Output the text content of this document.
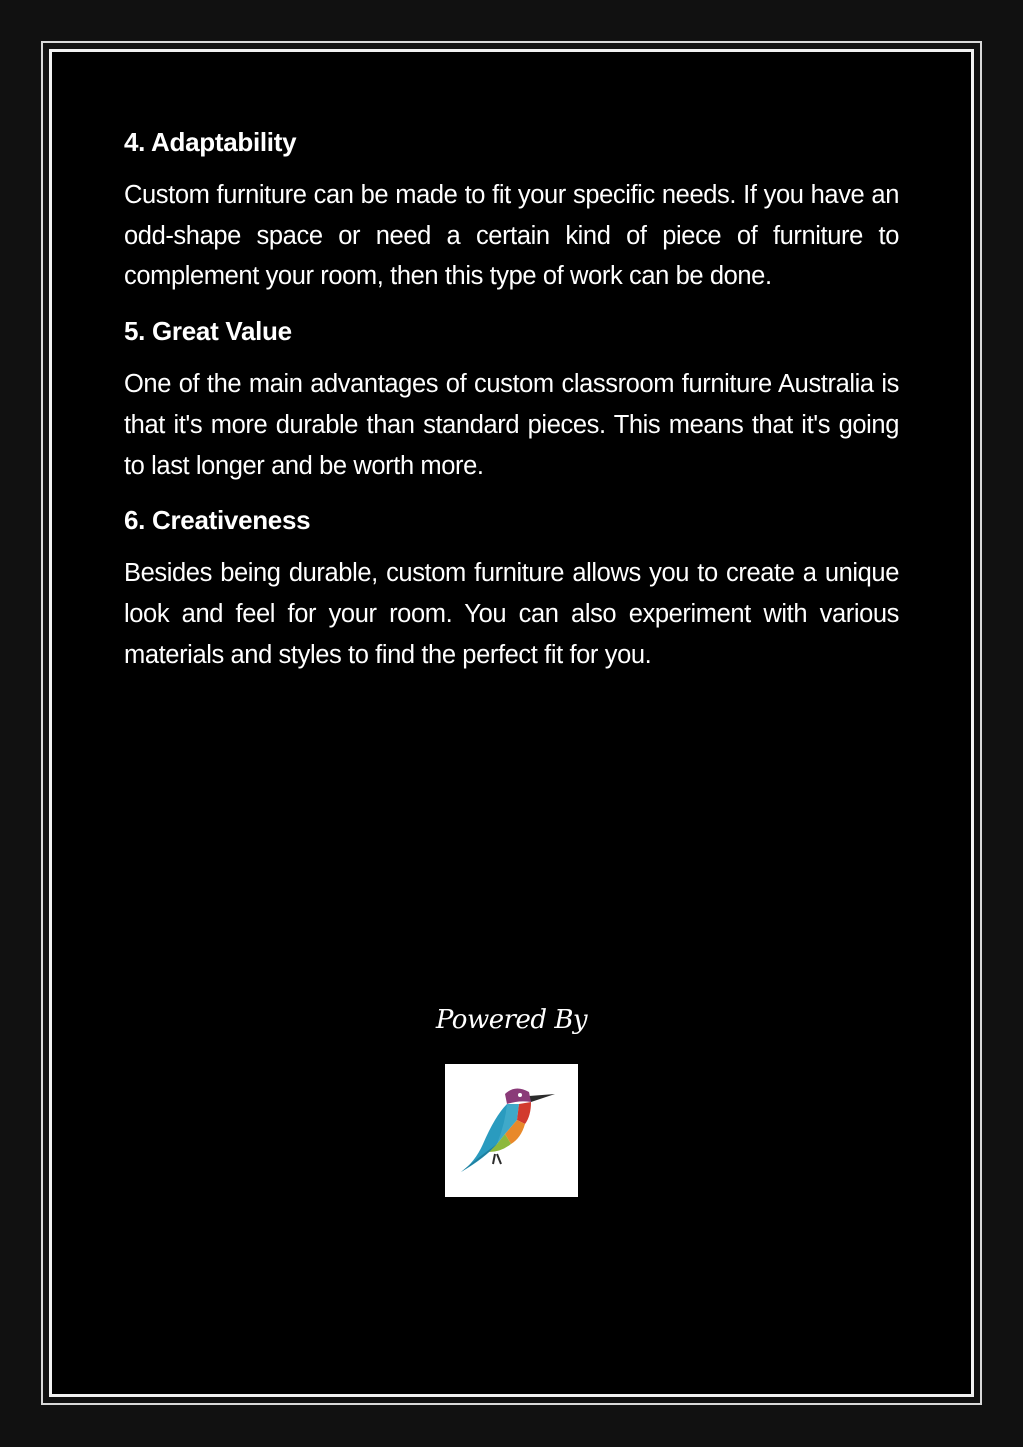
4. Adaptability

Custom furniture can be made to fit your specific needs. If you have an odd-shape space or need a certain kind of piece of furniture to complement your room, then this type of work can be done.

5. Great Value

One of the main advantages of custom classroom furniture Australia is that it's more durable than standard pieces. This means that it's going to last longer and be worth more.

6. Creativeness

Besides being durable, custom furniture allows you to create a unique look and feel for your room. You can also experiment with various materials and styles to find the perfect fit for you.

Powered By
